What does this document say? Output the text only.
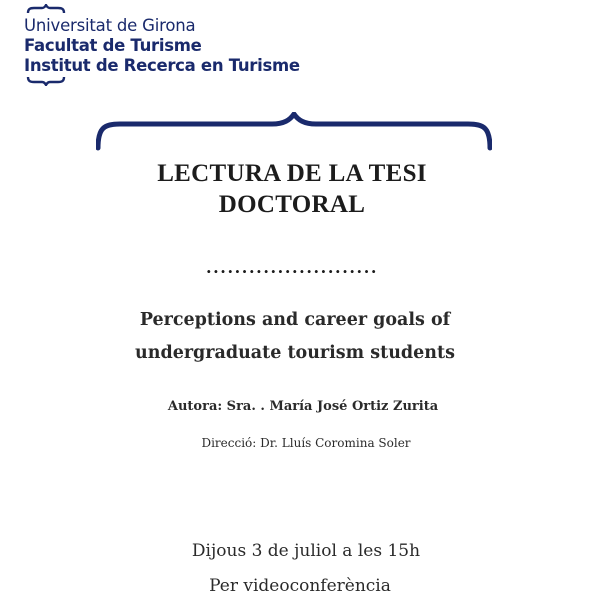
Universitat de Girona
Facultat de Turisme
Institut de Recerca en Turisme
LECTURA DE LA TESI
DOCTORAL
........................
Perceptions and career goals of
undergraduate tourism students
Autora: Sra. . María José Ortiz Zurita
Direcció: Dr. Lluís Coromina Soler
Dijous 3 de juliol a les 15h
Per videoconferència
